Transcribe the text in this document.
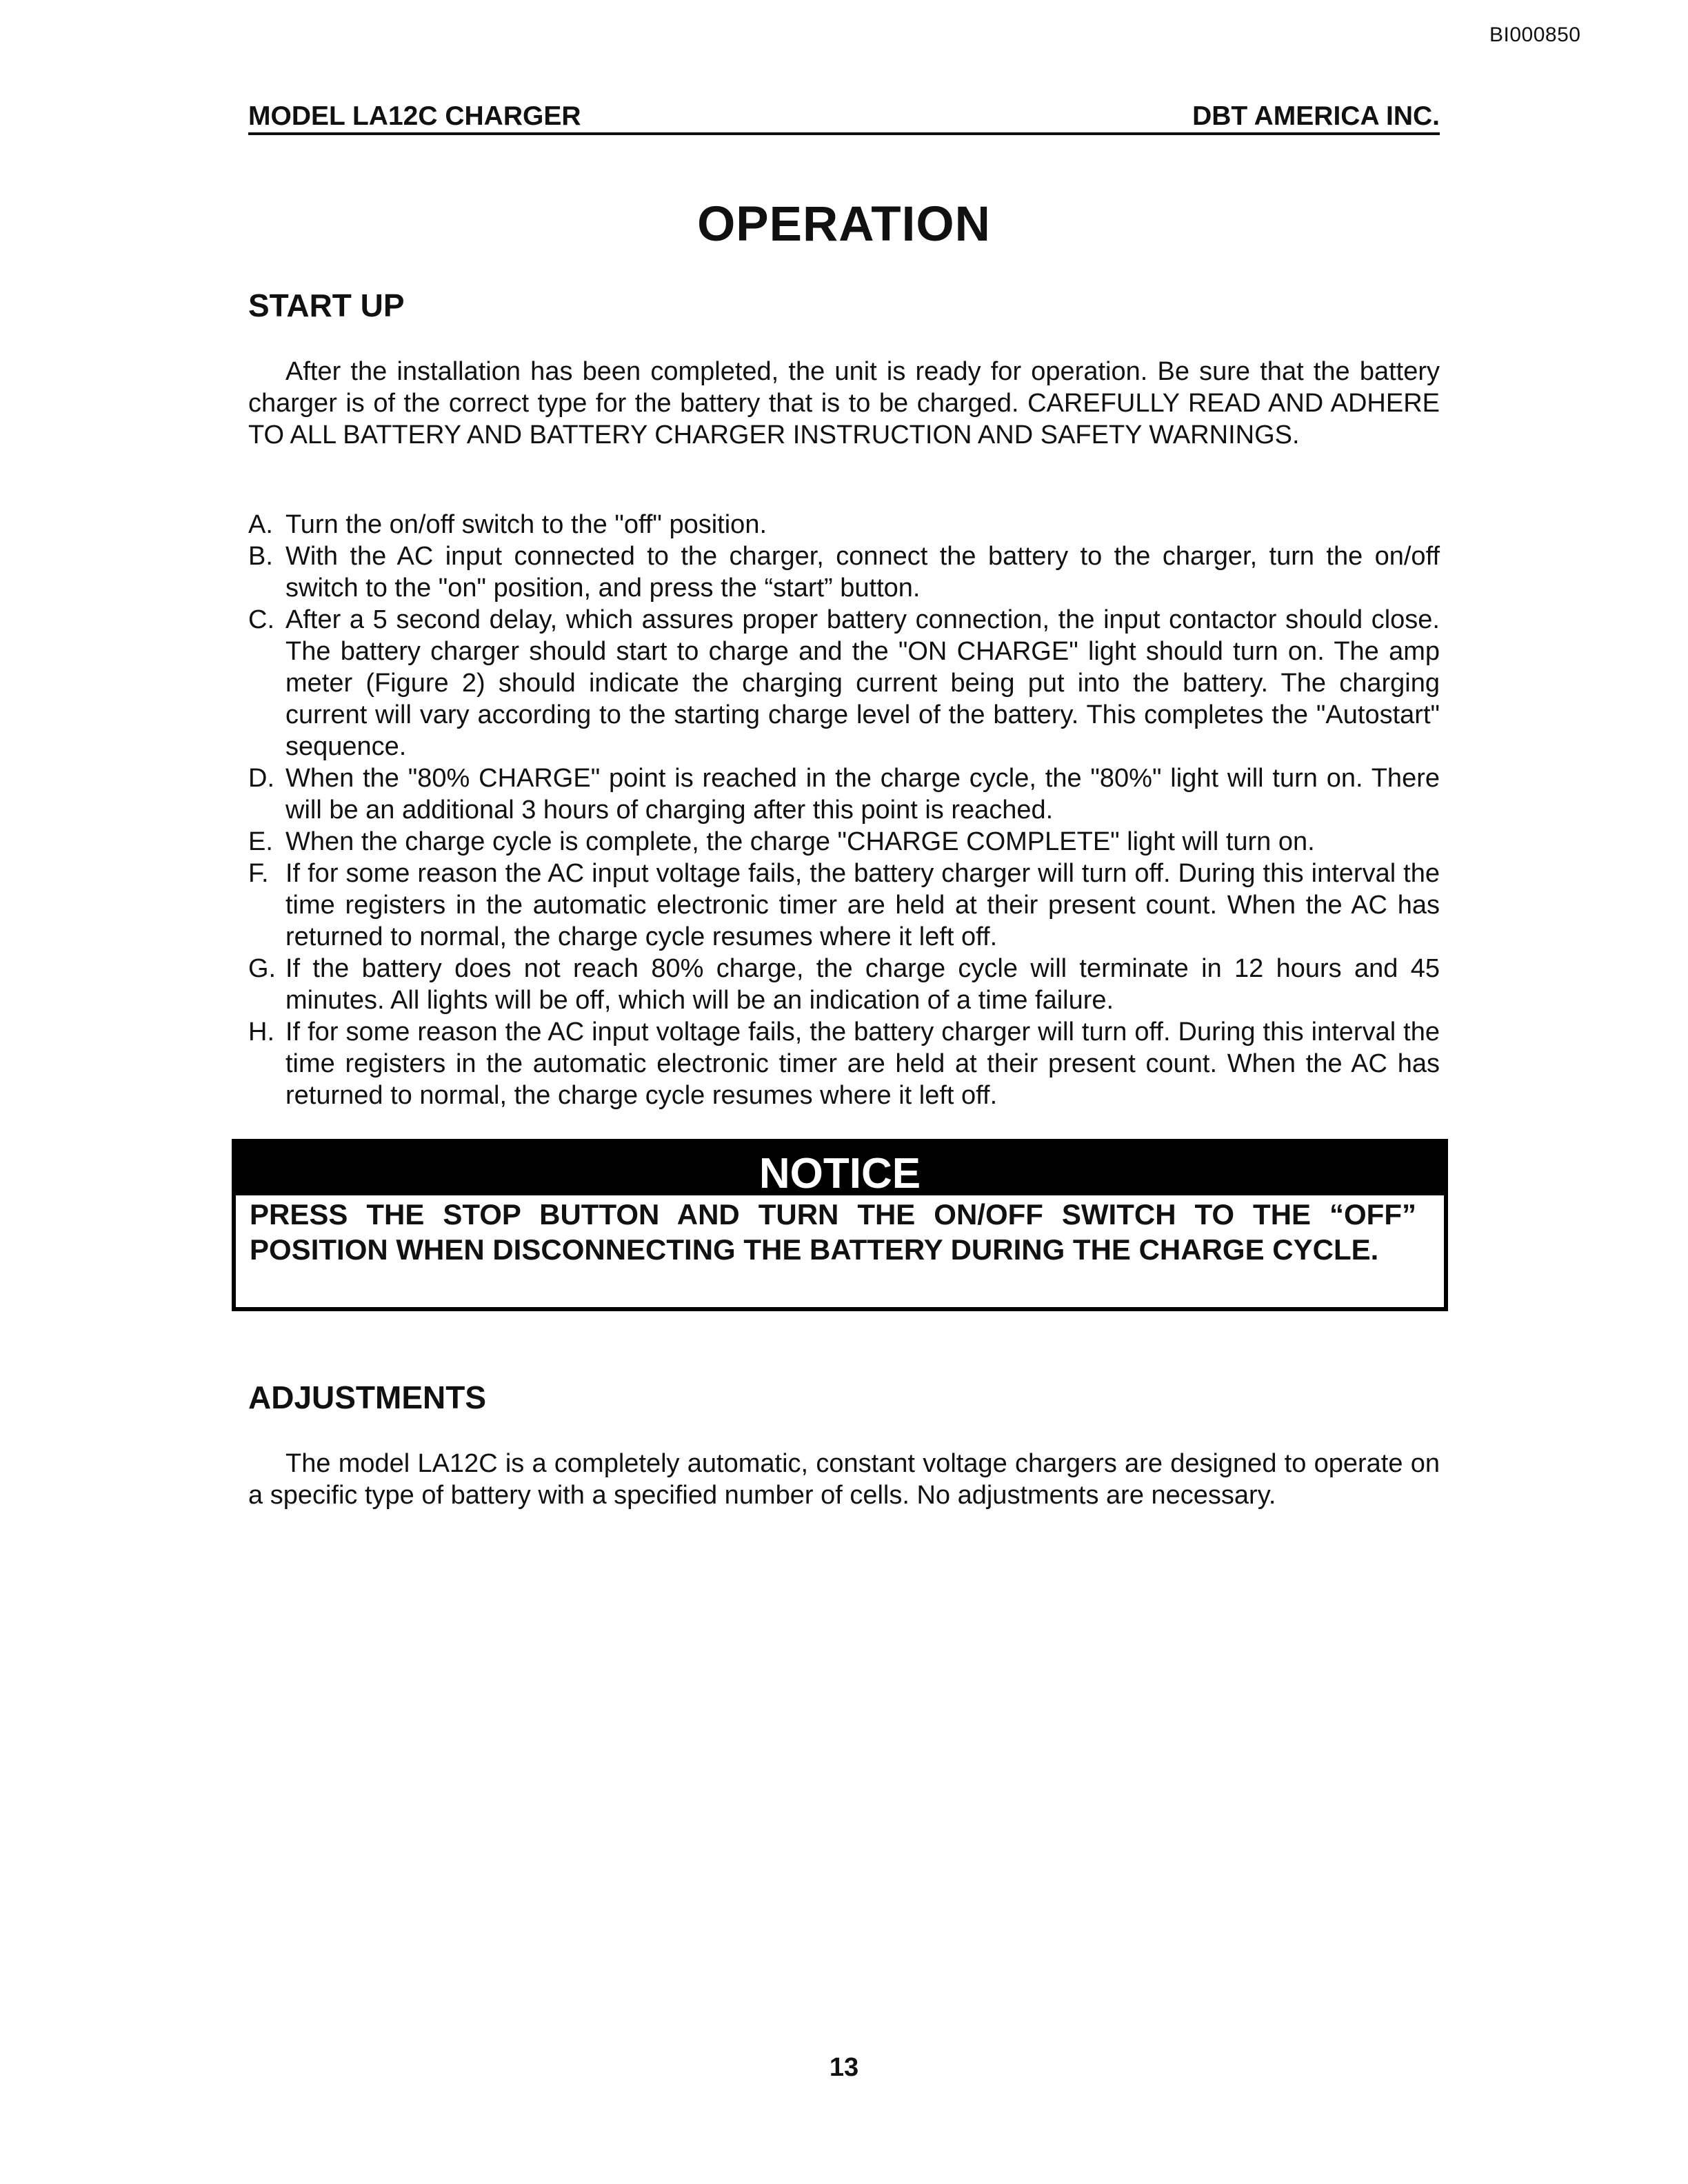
BI000850
MODEL LA12C CHARGER	DBT AMERICA INC.
OPERATION
START UP

After the installation has been completed, the unit is ready for operation. Be sure that the battery charger is of the correct type for the battery that is to be charged. CAREFULLY READ AND ADHERE TO ALL BATTERY AND BATTERY CHARGER INSTRUCTION AND SAFETY WARNINGS.

A. Turn the on/off switch to the "off" position.
B. With the AC input connected to the charger, connect the battery to the charger, turn the on/off switch to the "on" position, and press the “start” button.
C. After a 5 second delay, which assures proper battery connection, the input contactor should close. The battery charger should start to charge and the "ON CHARGE" light should turn on. The amp meter (Figure 2) should indicate the charging current being put into the battery. The charging current will vary according to the starting charge level of the battery. This completes the "Autostart" sequence.
D. When the "80% CHARGE" point is reached in the charge cycle, the "80%" light will turn on. There will be an additional 3 hours of charging after this point is reached.
E. When the charge cycle is complete, the charge "CHARGE COMPLETE" light will turn on.
F. If for some reason the AC input voltage fails, the battery charger will turn off. During this interval the time registers in the automatic electronic timer are held at their present count. When the AC has returned to normal, the charge cycle resumes where it left off.
G. If the battery does not reach 80% charge, the charge cycle will terminate in 12 hours and 45 minutes. All lights will be off, which will be an indication of a time failure.
H. If for some reason the AC input voltage fails, the battery charger will turn off. During this interval the time registers in the automatic electronic timer are held at their present count. When the AC has returned to normal, the charge cycle resumes where it left off.
NOTICE
PRESS THE STOP BUTTON AND TURN THE ON/OFF SWITCH TO THE “OFF” POSITION WHEN DISCONNECTING THE BATTERY DURING THE CHARGE CYCLE.
ADJUSTMENTS

The model LA12C is a completely automatic, constant voltage chargers are designed to operate on a specific type of battery with a specified number of cells. No adjustments are necessary.

13
